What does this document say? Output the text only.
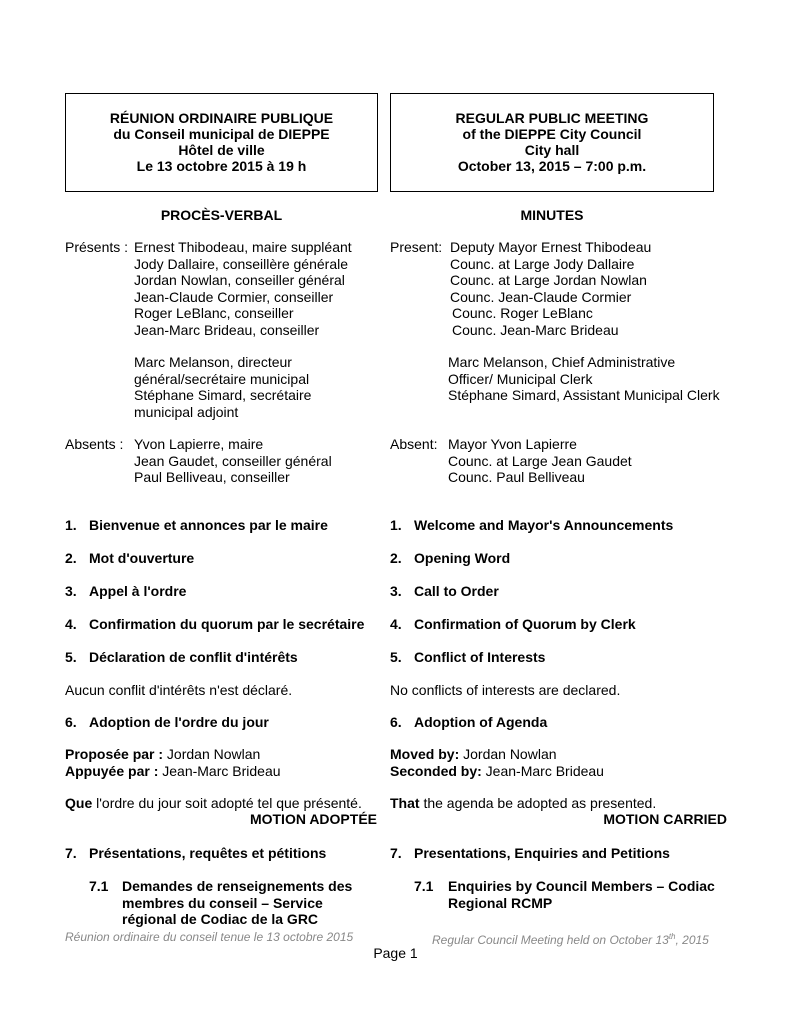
RÉUNION ORDINAIRE PUBLIQUE
du Conseil municipal de DIEPPE
Hôtel de ville
Le 13 octobre 2015 à 19 h
REGULAR PUBLIC MEETING
of the DIEPPE City Council
City hall
October 13, 2015 – 7:00 p.m.
PROCÈS-VERBAL	MINUTES
Présents : Ernest Thibodeau, maire suppléant
Jody Dallaire, conseillère générale
Jordan Nowlan, conseiller général
Jean-Claude Cormier, conseiller
Roger LeBlanc, conseiller
Jean-Marc Brideau, conseiller
Marc Melanson, directeur
général/secrétaire municipal
Stéphane Simard, secrétaire
municipal adjoint
Absents : Yvon Lapierre, maire
Jean Gaudet, conseiller général
Paul Belliveau, conseiller
Present: Deputy Mayor Ernest Thibodeau
Counc. at Large Jody Dallaire
Counc. at Large Jordan Nowlan
Counc. Jean-Claude Cormier
Counc. Roger LeBlanc
Counc. Jean-Marc Brideau
Marc Melanson, Chief Administrative
Officer/ Municipal Clerk
Stéphane Simard, Assistant Municipal Clerk
Absent: Mayor Yvon Lapierre
Counc. at Large Jean Gaudet
Counc. Paul Belliveau
1. Bienvenue et annonces par le maire
2. Mot d'ouverture
3. Appel à l'ordre
4. Confirmation du quorum par le secrétaire
5. Déclaration de conflit d'intérêts
Aucun conflit d'intérêts n'est déclaré.
6. Adoption de l'ordre du jour
Proposée par : Jordan Nowlan
Appuyée par : Jean-Marc Brideau
Que l'ordre du jour soit adopté tel que présenté.
MOTION ADOPTÉE
7. Présentations, requêtes et pétitions
7.1 Demandes de renseignements des
membres du conseil – Service
régional de Codiac de la GRC
1. Welcome and Mayor's Announcements
2. Opening Word
3. Call to Order
4. Confirmation of Quorum by Clerk
5. Conflict of Interests
No conflicts of interests are declared.
6. Adoption of Agenda
Moved by: Jordan Nowlan
Seconded by: Jean-Marc Brideau
That the agenda be adopted as presented.
MOTION CARRIED
7. Presentations, Enquiries and Petitions
7.1 Enquiries by Council Members – Codiac
Regional RCMP
Réunion ordinaire du conseil tenue le 13 octobre 2015	Regular Council Meeting held on October 13th, 2015
Page 1
